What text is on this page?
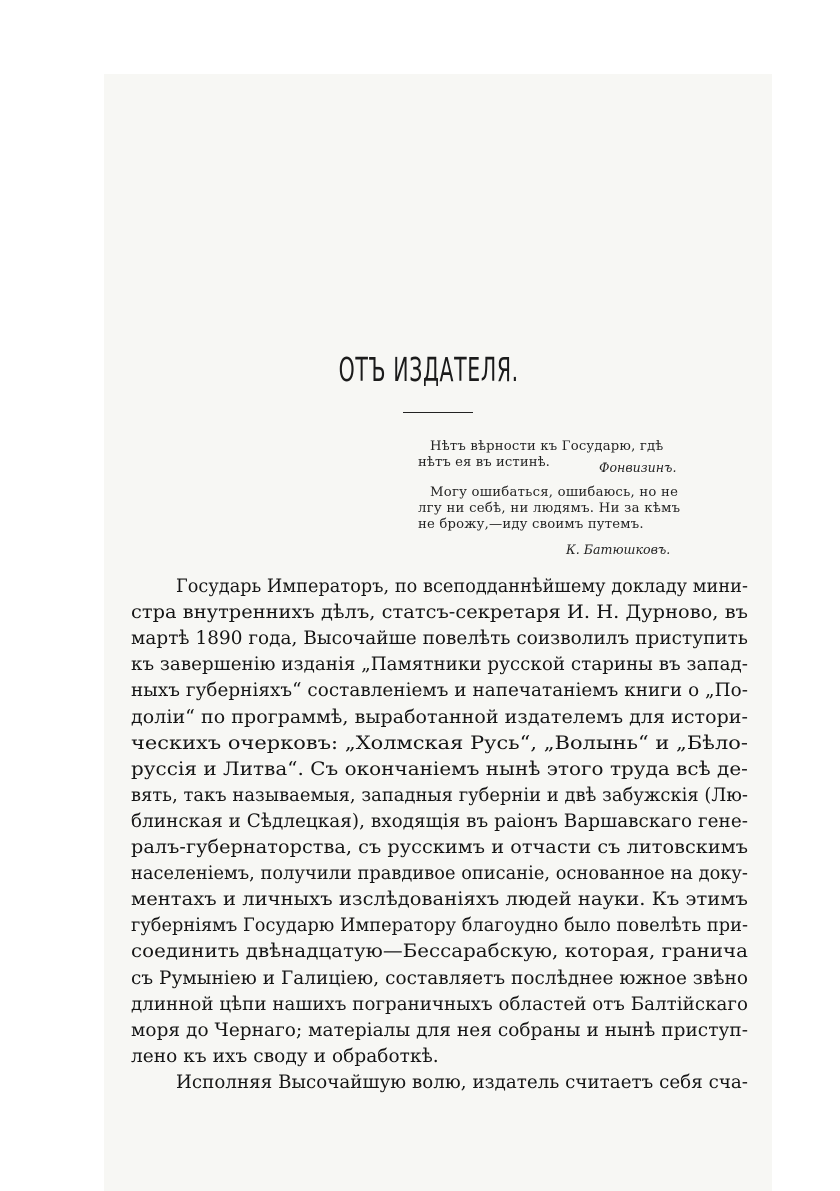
ОТЪ ИЗДАТЕЛЯ.
Нѣтъ вѣрности къ Государю, гдѣ
нѣтъ ея въ истинѣ.	Фонвизинъ.
Могу ошибаться, ошибаюсь, но не
лгу ни себѣ, ни людямъ. Ни за кѣмъ
не брожу,—иду своимъ путемъ.
К. Батюшковъ.
Государь Императоръ, по всеподданнѣйшему докладу мини-
стра внутреннихъ дѣлъ, статсъ-секретаря И. Н. Дурново, въ
мартѣ 1890 года, Высочайше повелѣть соизволилъ приступить
къ завершенію изданія „Памятники русской старины въ запад-
ныхъ губерніяхъ“ составленіемъ и напечатаніемъ книги о „По-
доліи“ по программѣ, выработанной издателемъ для истори-
ческихъ очерковъ: „Холмская Русь“, „Волынь“ и „Бѣло-
руссія и Литва“. Съ окончаніемъ нынѣ этого труда всѣ де-
вять, такъ называемыя, западныя губерніи и двѣ забужскія (Лю-
блинская и Сѣдлецкая), входящія въ раіонъ Варшавскаго гене-
ралъ-губернаторства, съ русскимъ и отчасти съ литовскимъ
населеніемъ, получили правдивое описаніе, основанное на доку-
ментахъ и личныхъ изслѣдованіяхъ людей науки. Къ этимъ
губерніямъ Государю Императору благоудно было повелѣть при-
соединить двѣнадцатую—Бессарабскую, которая, граничa
съ Румыніею и Галиціею, составляетъ послѣднее южное звѣно
длинной цѣпи нашихъ пограничныхъ областей отъ Балтійскаго
моря до Чернаго; матеріалы для нея собраны и нынѣ приступ-
лено къ ихъ своду и обработкѣ.
Исполняя Высочайшую волю, издатель считаетъ себя сча-
